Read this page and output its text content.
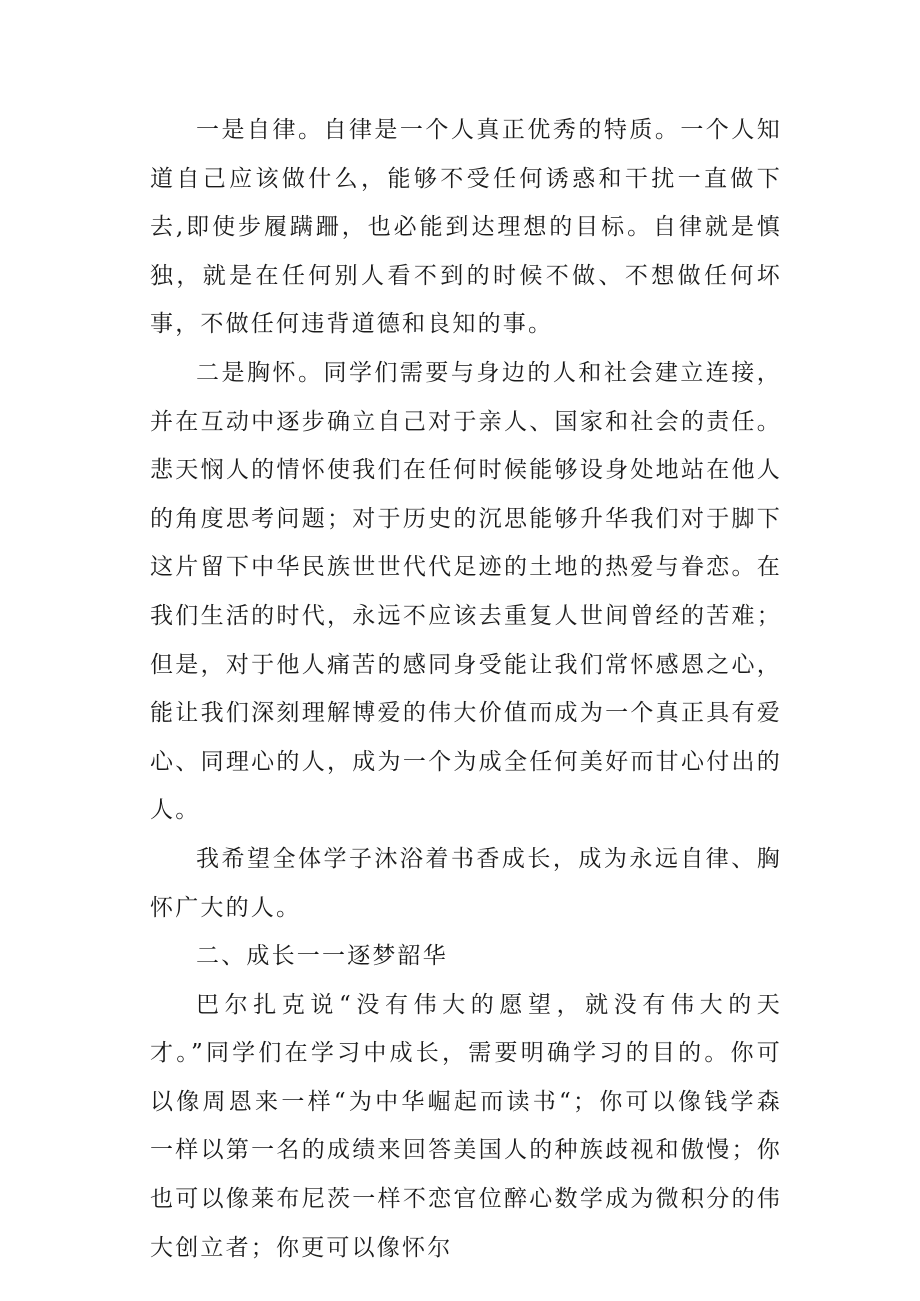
一是自律。自律是一个人真正优秀的特质。一个人知道自己应该做什么，能够不受任何诱惑和干扰一直做下去,即使步履蹒跚，也必能到达理想的目标。自律就是慎独，就是在任何别人看不到的时候不做、不想做任何坏事，不做任何违背道德和良知的事。

二是胸怀。同学们需要与身边的人和社会建立连接，并在互动中逐步确立自己对于亲人、国家和社会的责任。悲天悯人的情怀使我们在任何时候能够设身处地站在他人的角度思考问题；对于历史的沉思能够升华我们对于脚下这片留下中华民族世世代代足迹的土地的热爱与眷恋。在我们生活的时代，永远不应该去重复人世间曾经的苦难；但是，对于他人痛苦的感同身受能让我们常怀感恩之心，能让我们深刻理解博爱的伟大价值而成为一个真正具有爱心、同理心的人，成为一个为成全任何美好而甘心付出的人。

我希望全体学子沐浴着书香成长，成为永远自律、胸怀广大的人。

二、成长一一逐梦韶华

巴尔扎克说“没有伟大的愿望，就没有伟大的天才。”同学们在学习中成长，需要明确学习的目的。你可以像周恩来一样“为中华崛起而读书“；你可以像钱学森一样以第一名的成绩来回答美国人的种族歧视和傲慢；你也可以像莱布尼茨一样不恋官位醉心数学成为微积分的伟大创立者；你更可以像怀尔
